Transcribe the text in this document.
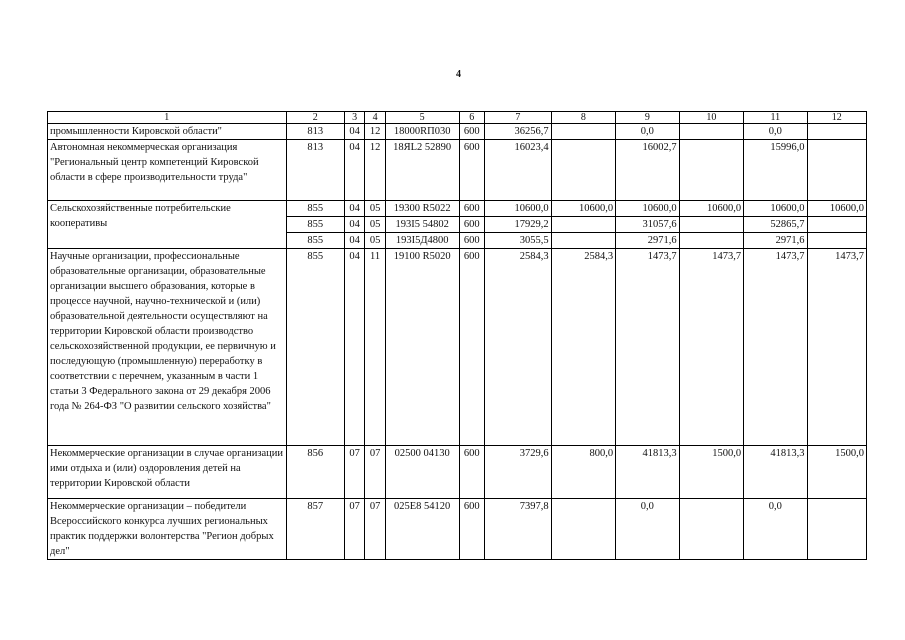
4
1	2	3	4	5	6	7	8	9	10	11	12
промышленности Кировской области"	813	04	12	18000RП030	600	36256,7		0,0		0,0	
Автономная некоммерческая организация "Региональный центр компетенций Кировской области в сфере производительности труда"	813	04	12	18ЯL2 52890	600	16023,4		16002,7		15996,0	
Сельскохозяйственные потребительские кооперативы	855	04	05	19300 R5022	600	10600,0	10600,0	10600,0	10600,0	10600,0	10600,0
	855	04	05	193I5 54802	600	17929,2		31057,6		52865,7	
	855	04	05	193I5Д4800	600	3055,5		2971,6		2971,6	
Научные организации, профессиональные образовательные организации, образовательные организации высшего образования, которые в процессе научной, научно-технической и (или) образовательной деятельности осуществляют на территории Кировской области производство сельскохозяйственной продукции, ее первичную и последующую (промышленную) переработку в соответствии с перечнем, указанным в части 1 статьи 3 Федерального закона от 29 декабря 2006 года № 264-ФЗ "О развитии сельского хозяйства"	855	04	11	19100 R5020	600	2584,3	2584,3	1473,7	1473,7	1473,7	1473,7
Некоммерческие организации в случае организации ими отдыха и (или) оздоровления детей на территории Кировской области	856	07	07	02500 04130	600	3729,6	800,0	41813,3	1500,0	41813,3	1500,0
Некоммерческие организации – победители Всероссийского конкурса лучших региональных практик поддержки волонтерства "Регион добрых дел"	857	07	07	025E8 54120	600	7397,8		0,0		0,0	
